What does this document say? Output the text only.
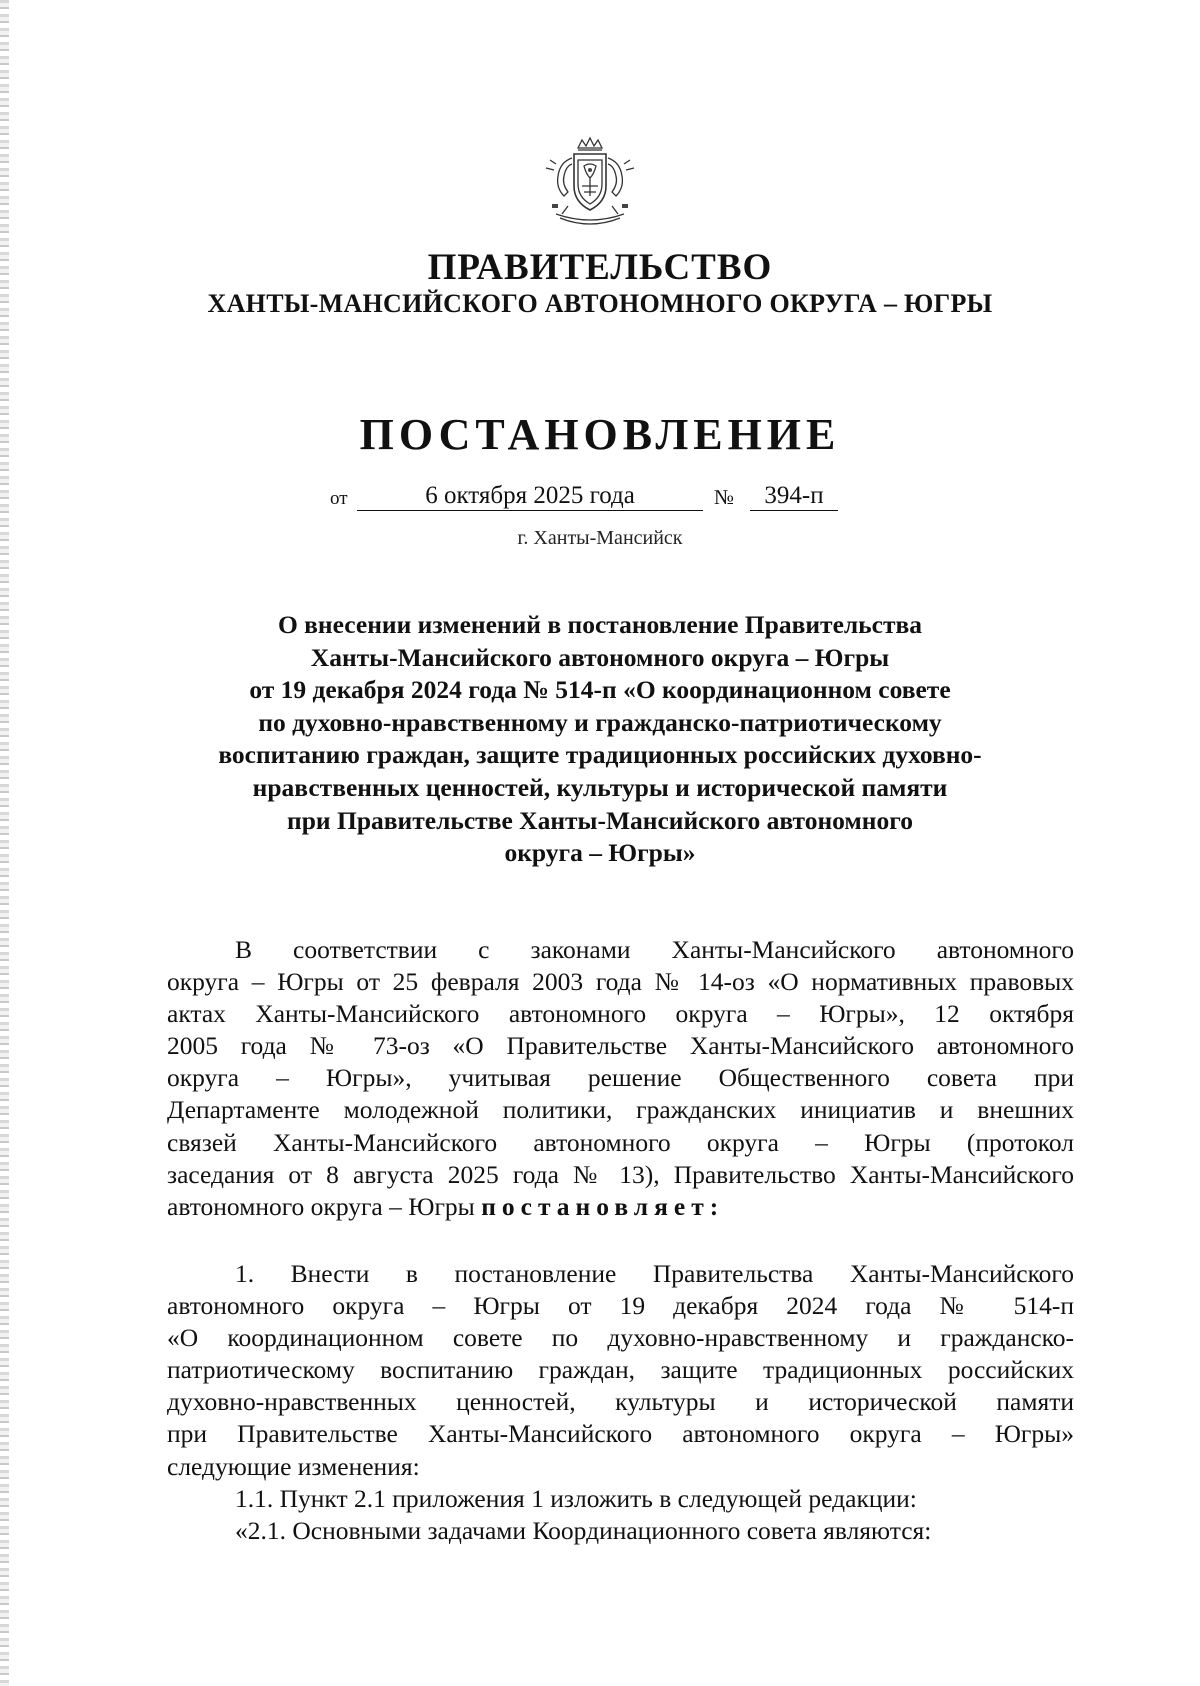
ПРАВИТЕЛЬСТВО
ХАНТЫ-МАНСИЙСКОГО АВТОНОМНОГО ОКРУГА – ЮГРЫ
ПОСТАНОВЛЕНИЕ
от	6 октября 2025 года	№	394-п
г. Ханты-Мансийск
О внесении изменений в постановление Правительства
Ханты-Мансийского автономного округа – Югры
от 19 декабря 2024 года № 514-п «О координационном совете
по духовно-нравственному и гражданско-патриотическому
воспитанию граждан, защите традиционных российских духовно-
нравственных ценностей, культуры и исторической памяти
при Правительстве Ханты-Мансийского автономного
округа – Югры»
В соответствии с законами Ханты-Мансийского автономного
округа – Югры от 25 февраля 2003 года № 14-оз «О нормативных правовых
актах Ханты-Мансийского автономного округа – Югры», 12 октября
2005 года № 73-оз «О Правительстве Ханты-Мансийского автономного
округа – Югры», учитывая решение Общественного совета при
Департаменте молодежной политики, гражданских инициатив и внешних
связей Ханты-Мансийского автономного округа – Югры (протокол
заседания от 8 августа 2025 года № 13), Правительство Ханты-Мансийского
автономного округа – Югры постановляет:
1. Внести в постановление Правительства Ханты-Мансийского
автономного округа – Югры от 19 декабря 2024 года № 514-п
«О координационном совете по духовно-нравственному и гражданско-
патриотическому воспитанию граждан, защите традиционных российских
духовно-нравственных ценностей, культуры и исторической памяти
при Правительстве Ханты-Мансийского автономного округа – Югры»
следующие изменения:
1.1. Пункт 2.1 приложения 1 изложить в следующей редакции:
«2.1. Основными задачами Координационного совета являются:
